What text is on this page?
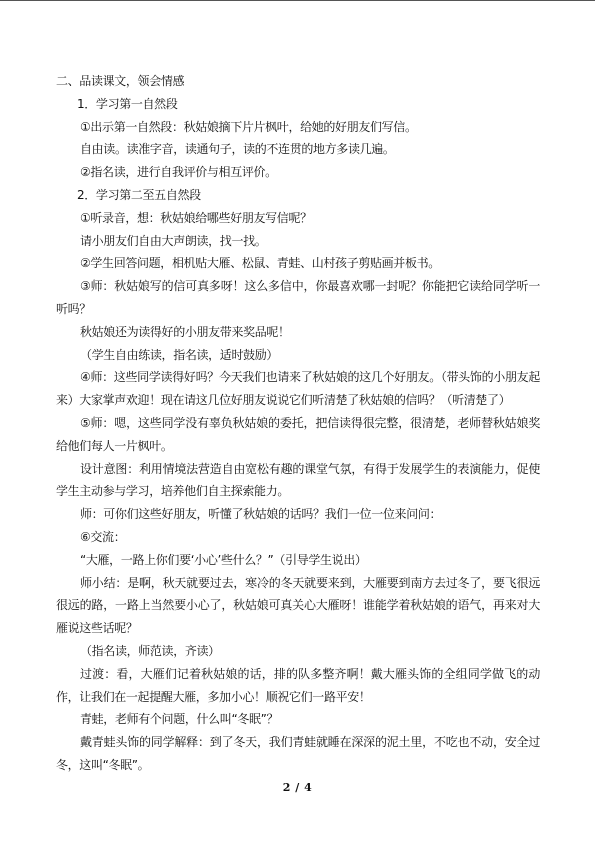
二、品读课文，领会情感

1．学习第一自然段

①出示第一自然段：秋姑娘摘下片片枫叶，给她的好朋友们写信。

自由读。读准字音，读通句子，读的不连贯的地方多读几遍。

②指名读，进行自我评价与相互评价。

2．学习第二至五自然段

①听录音，想：秋姑娘给哪些好朋友写信呢？

请小朋友们自由大声朗读，找一找。

②学生回答问题，相机贴大雁、松鼠、青蛙、山村孩子剪贴画并板书。

③师：秋姑娘写的信可真多呀！这么多信中，你最喜欢哪一封呢？你能把它读给同学听一听吗？

秋姑娘还为读得好的小朋友带来奖品呢！

（学生自由练读，指名读，适时鼓励）

④师：这些同学读得好吗？今天我们也请来了秋姑娘的这几个好朋友。（带头饰的小朋友起来）大家掌声欢迎！现在请这几位好朋友说说它们听清楚了秋姑娘的信吗？（听清楚了）

⑤师：嗯，这些同学没有辜负秋姑娘的委托，把信读得很完整，很清楚，老师替秋姑娘奖给他们每人一片枫叶。

设计意图：利用情境法营造自由宽松有趣的课堂气氛，有得于发展学生的表演能力，促使学生主动参与学习，培养他们自主探索能力。

师：可你们这些好朋友，听懂了秋姑娘的话吗？我们一位一位来问问：

⑥交流：

“大雁，一路上你们要‘小心’些什么？”（引导学生说出）

师小结：是啊，秋天就要过去，寒冷的冬天就要来到，大雁要到南方去过冬了，要飞很远很远的路，一路上当然要小心了，秋姑娘可真关心大雁呀！谁能学着秋姑娘的语气，再来对大雁说这些话呢？

（指名读，师范读，齐读）

过渡：看，大雁们记着秋姑娘的话，排的队多整齐啊！戴大雁头饰的全组同学做飞的动作，让我们在一起提醒大雁，多加小心！顺祝它们一路平安！

青蛙，老师有个问题，什么叫“冬眠”？

戴青蛙头饰的同学解释：到了冬天，我们青蛙就睡在深深的泥土里，不吃也不动，安全过冬，这叫“冬眠”。

2 / 4
